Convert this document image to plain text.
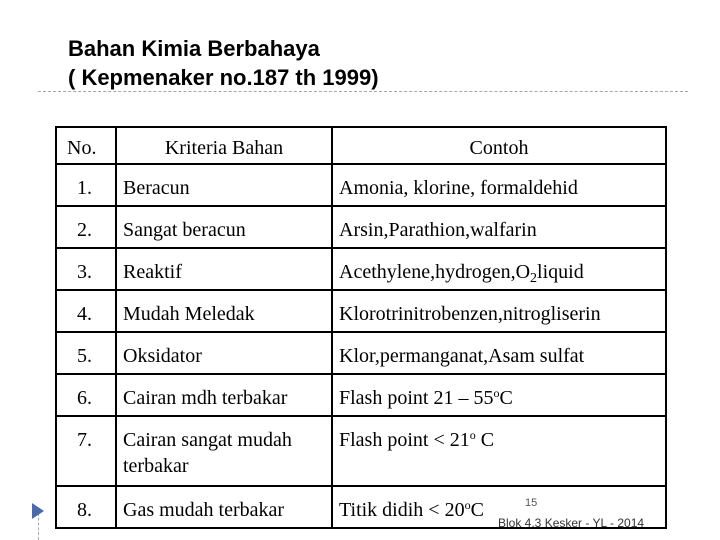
Bahan Kimia Berbahaya
( Kepmenaker no.187 th 1999)
No.	Kriteria Bahan	Contoh
1.	Beracun	Amonia, klorine, formaldehid
2.	Sangat beracun	Arsin,Parathion,walfarin
3.	Reaktif	$Acethylene,hydrogen,O_2liquid$
4.	Mudah Meledak	Klorotrinitrobenzen,nitrogliserin
5.	Oksidator	Klor,permanganat,Asam sulfat
6.	Cairan mdh terbakar	Flash point 21 – 55$^o$C
7.	Cairan sangat mudah terbakar	Flash point < $21^o$ C
8.	Gas mudah terbakar	Titik didih < $20^oC$	15
Blok 4.3 Kesker - YL - 2014
